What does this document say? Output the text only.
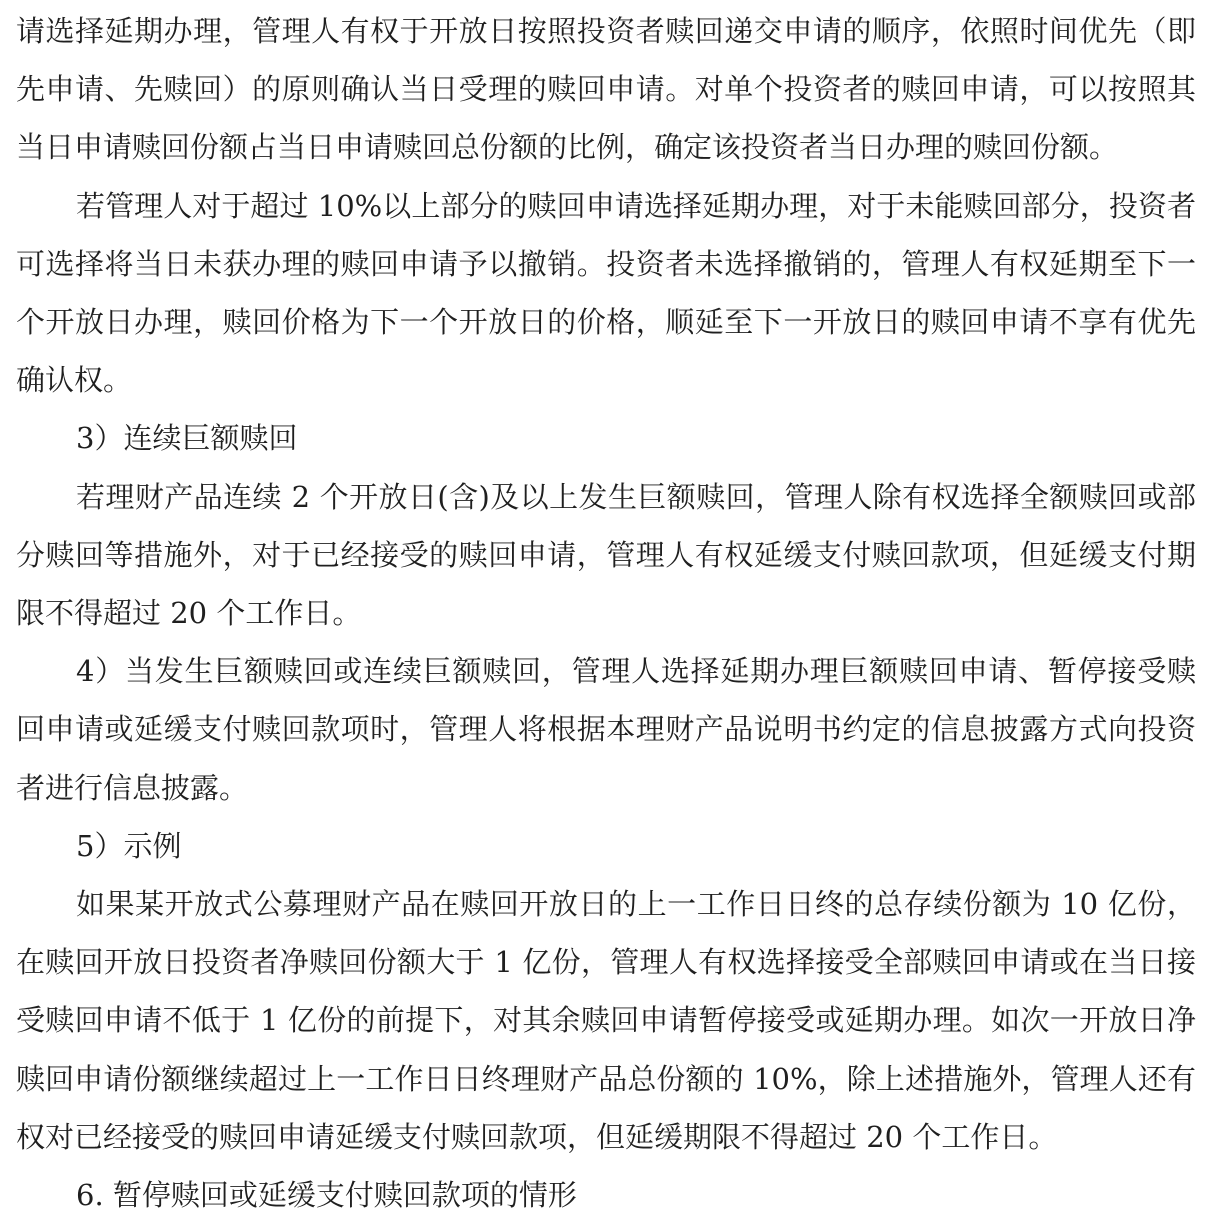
请选择延期办理，管理人有权于开放日按照投资者赎回递交申请的顺序，依照时间优先（即先申请、先赎回）的原则确认当日受理的赎回申请。对单个投资者的赎回申请，可以按照其当日申请赎回份额占当日申请赎回总份额的比例，确定该投资者当日办理的赎回份额。

若管理人对于超过 10%以上部分的赎回申请选择延期办理，对于未能赎回部分，投资者可选择将当日未获办理的赎回申请予以撤销。投资者未选择撤销的，管理人有权延期至下一个开放日办理，赎回价格为下一个开放日的价格，顺延至下一开放日的赎回申请不享有优先确认权。

3）连续巨额赎回

若理财产品连续 2 个开放日(含)及以上发生巨额赎回，管理人除有权选择全额赎回或部分赎回等措施外，对于已经接受的赎回申请，管理人有权延缓支付赎回款项，但延缓支付期限不得超过 20 个工作日。

4）当发生巨额赎回或连续巨额赎回，管理人选择延期办理巨额赎回申请、暂停接受赎回申请或延缓支付赎回款项时，管理人将根据本理财产品说明书约定的信息披露方式向投资者进行信息披露。

5）示例

如果某开放式公募理财产品在赎回开放日的上一工作日日终的总存续份额为 10 亿份，在赎回开放日投资者净赎回份额大于 1 亿份，管理人有权选择接受全部赎回申请或在当日接受赎回申请不低于 1 亿份的前提下，对其余赎回申请暂停接受或延期办理。如次一开放日净赎回申请份额继续超过上一工作日日终理财产品总份额的 10%，除上述措施外，管理人还有权对已经接受的赎回申请延缓支付赎回款项，但延缓期限不得超过 20 个工作日。

6. 暂停赎回或延缓支付赎回款项的情形
